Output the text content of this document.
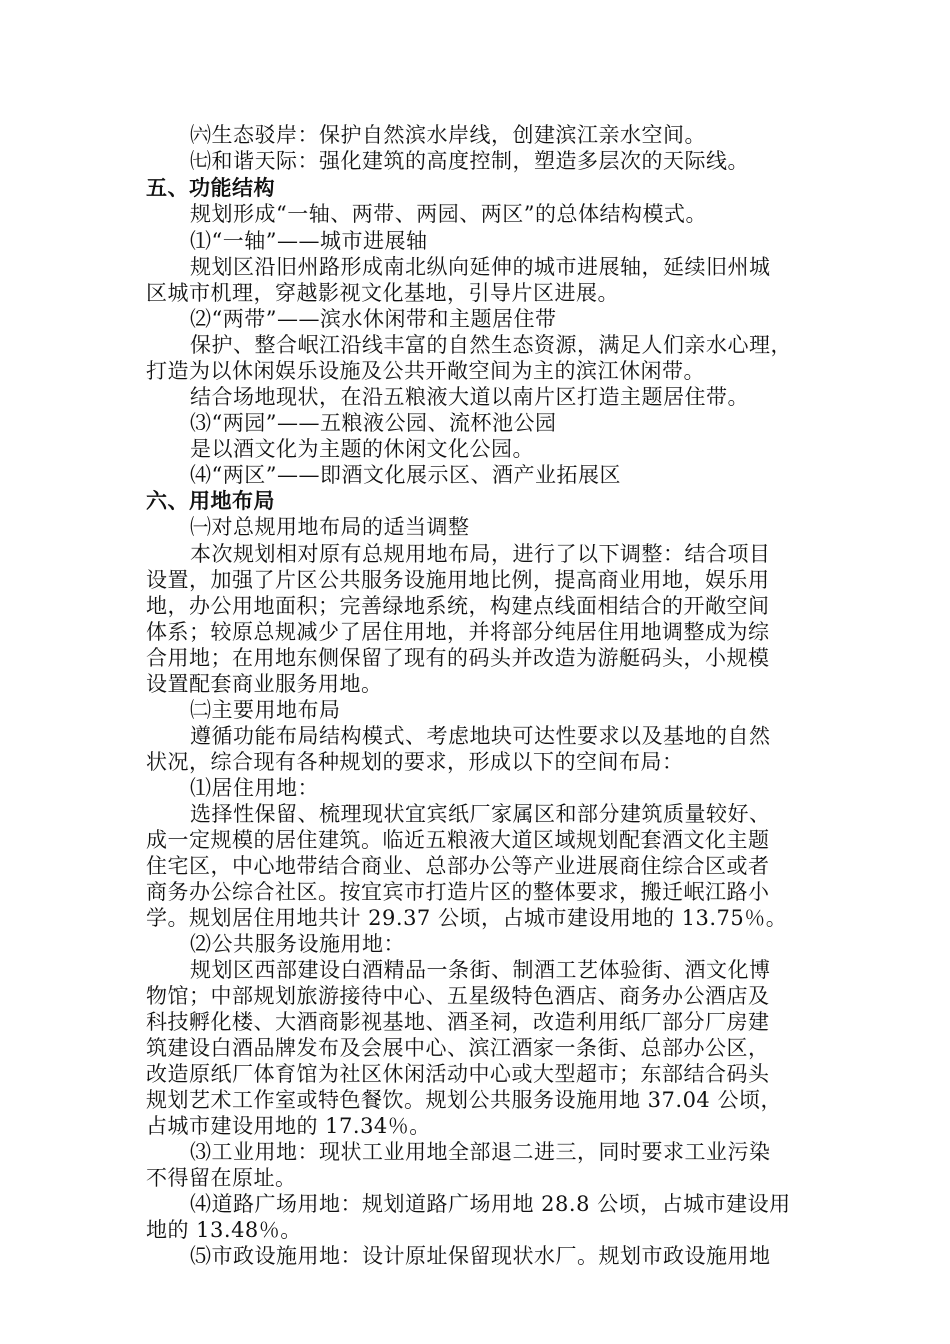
㈥生态驳岸：保护自然滨水岸线，创建滨江亲水空间。
㈦和谐天际：强化建筑的高度控制，塑造多层次的天际线。
五、功能结构
规划形成“一轴、两带、两园、两区”的总体结构模式。
⑴“一轴”——城市进展轴
规划区沿旧州路形成南北纵向延伸的城市进展轴，延续旧州城
区城市机理，穿越影视文化基地，引导片区进展。
⑵“两带”——滨水休闲带和主题居住带
保护、整合岷江沿线丰富的自然生态资源，满足人们亲水心理，
打造为以休闲娱乐设施及公共开敞空间为主的滨江休闲带。
结合场地现状，在沿五粮液大道以南片区打造主题居住带。
⑶“两园”——五粮液公园、流杯池公园
是以酒文化为主题的休闲文化公园。
⑷“两区”——即酒文化展示区、酒产业拓展区
六、用地布局
㈠对总规用地布局的适当调整
本次规划相对原有总规用地布局，进行了以下调整：结合项目
设置，加强了片区公共服务设施用地比例，提高商业用地，娱乐用
地，办公用地面积；完善绿地系统，构建点线面相结合的开敞空间
体系；较原总规减少了居住用地，并将部分纯居住用地调整成为综
合用地；在用地东侧保留了现有的码头并改造为游艇码头，小规模
设置配套商业服务用地。
㈡主要用地布局
遵循功能布局结构模式、考虑地块可达性要求以及基地的自然
状况，综合现有各种规划的要求，形成以下的空间布局：
⑴居住用地：
选择性保留、梳理现状宜宾纸厂家属区和部分建筑质量较好、
成一定规模的居住建筑。临近五粮液大道区域规划配套酒文化主题
住宅区，中心地带结合商业、总部办公等产业进展商住综合区或者
商务办公综合社区。按宜宾市打造片区的整体要求，搬迁岷江路小
学。规划居住用地共计 29.37 公顷，占城市建设用地的 13.75％。
⑵公共服务设施用地：
规划区西部建设白酒精品一条街、制酒工艺体验街、酒文化博
物馆；中部规划旅游接待中心、五星级特色酒店、商务办公酒店及
科技孵化楼、大酒商影视基地、酒圣祠，改造利用纸厂部分厂房建
筑建设白酒品牌发布及会展中心、滨江酒家一条街、总部办公区，
改造原纸厂体育馆为社区休闲活动中心或大型超市；东部结合码头
规划艺术工作室或特色餐饮。规划公共服务设施用地 37.04 公顷，
占城市建设用地的 17.34％。
⑶工业用地：现状工业用地全部退二进三，同时要求工业污染
不得留在原址。
⑷道路广场用地：规划道路广场用地 28.8 公顷，占城市建设用
地的 13.48％。
⑸市政设施用地：设计原址保留现状水厂。规划市政设施用地
